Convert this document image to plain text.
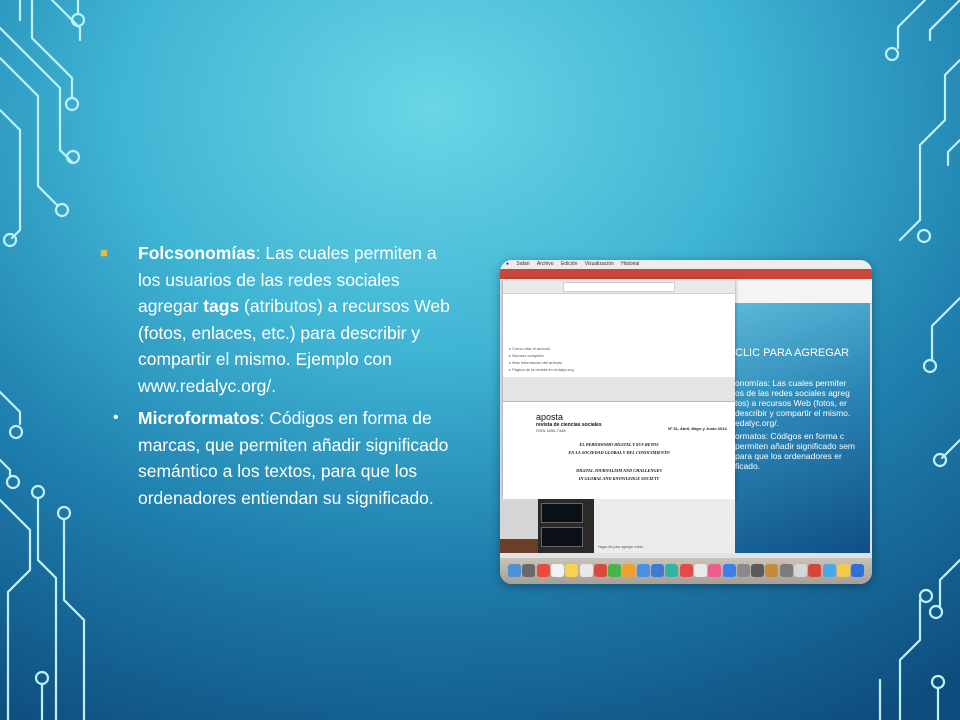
■ Folcsonomías: Las cuales permiten a los usuarios de las redes sociales agregar tags (atributos) a recursos Web (fotos, enlaces, etc.) para describir y compartir el mismo. Ejemplo con www.redalyc.org/.
• Microformatos: Códigos en forma de marcas, que permiten añadir significado semántico a los textos, para que los ordenadores entiendan su significado.
● Safari Archivo Edición Visualización Historial
CLIC PARA AGREGAR
onomías: Las cuales permiter
os de las redes sociales agreg
tos) a recursos Web (fotos, er
describir y compartir el mismo.
edalyc.org/.
ormatos: Códigos en forma c
permiten añadir significado sem
para que los ordenadores er
ficado.
▸ Cómo citar el artículo
▸ Número completo
▸ Más información del artículo
▸ Página de la revista en redalyc.org
aposta
revista de ciencias sociales
ISSN 1696-7348	Nº 61, Abril, Mayo y Junio 2014
EL PERIODISMO DIGITAL Y SUS RETOS
EN LA SOCIEDAD GLOBAL Y DEL CONOCIMIENTO
DIGITAL JOURNALISM AND CHALLENGES
IN GLOBAL AND KNOWLEDGE SOCIETY
Haga clic para agregar notas
